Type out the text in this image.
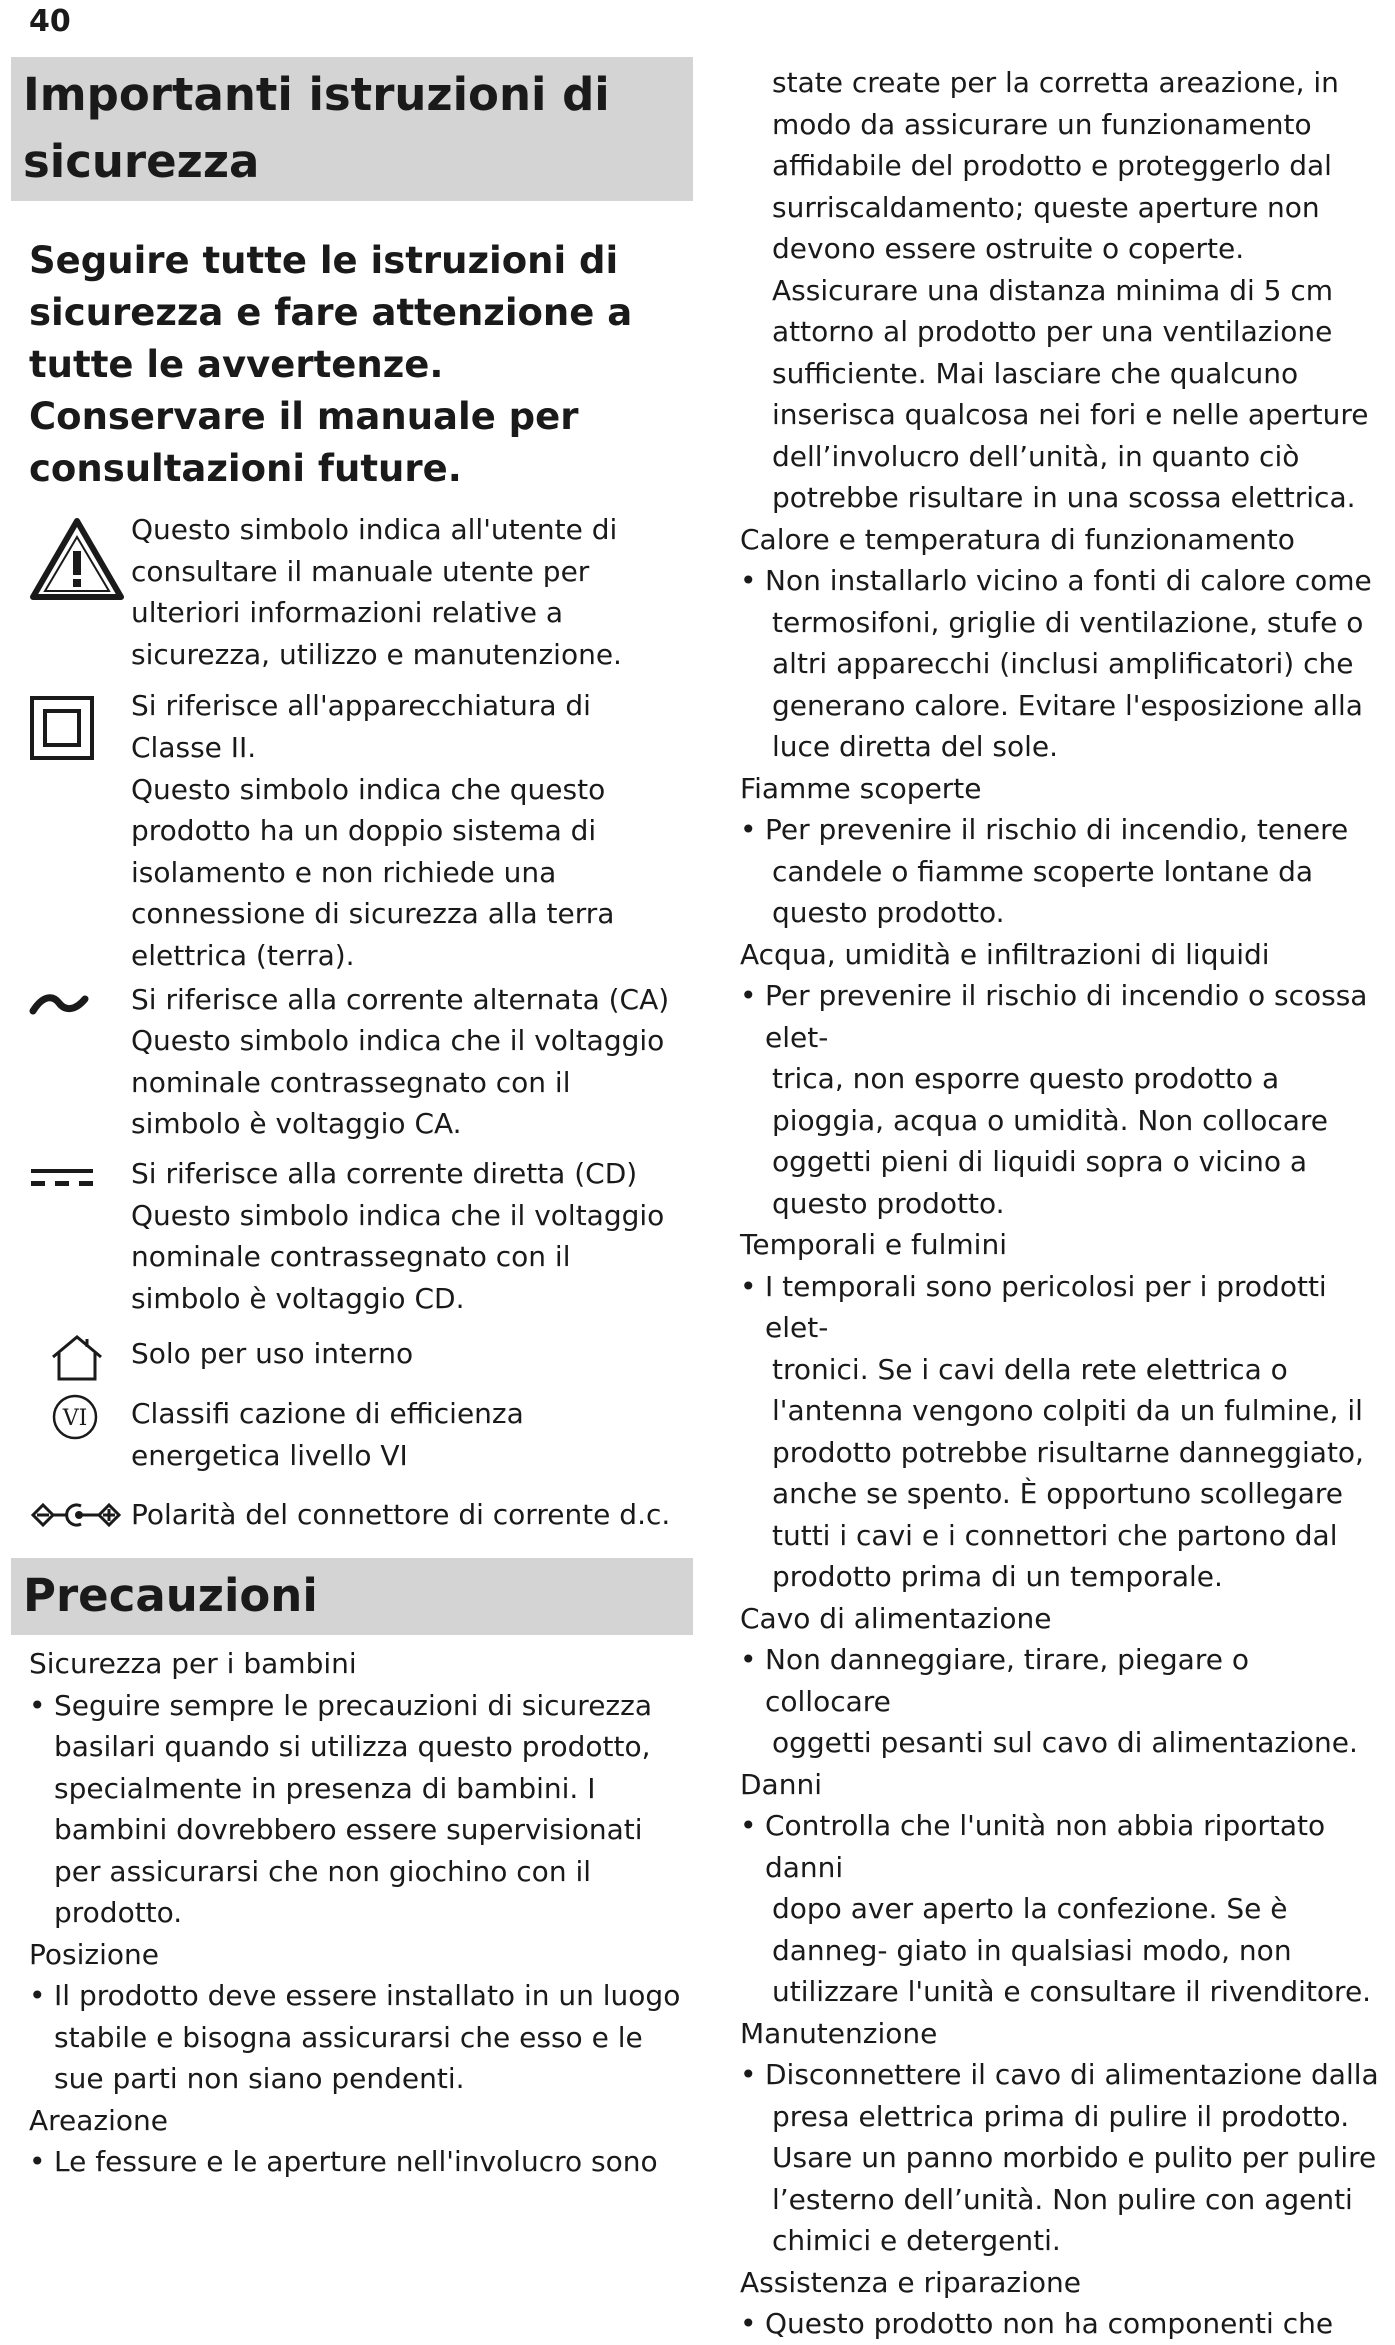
40
Importanti istruzioni di
sicurezza
Seguire tutte le istruzioni di sicurezza e fare attenzione a tutte le avvertenze. Conservare il manuale per consultazioni future.

Questo simbolo indica all'utente di consultare il manuale utente per ulteriori informazioni relative a sicurezza, utilizzo e manutenzione.

Si riferisce all'apparecchiatura di Classe II.

Questo simbolo indica che questo prodotto ha un doppio sistema di isolamento e non richiede una connessione di sicurezza alla terra elettrica (terra).

Si riferisce alla corrente alternata (CA)

Questo simbolo indica che il voltaggio nominale contrassegnato con il simbolo è voltaggio CA.

Si riferisce alla corrente diretta (CD)

Questo simbolo indica che il voltaggio nominale contrassegnato con il simbolo è voltaggio CD.

Solo per uso interno

VI Classifi cazione di efficienza energetica livello VI

Polarità del connettore di corrente d.c.

Precauzioni

Sicurezza per i bambini

• Seguire sempre le precauzioni di sicurezza

basilari quando si utilizza questo prodotto, specialmente in presenza di bambini. I bambini dovrebbero essere supervisionati per assicurarsi che non giochino con il prodotto.

Posizione

• Il prodotto deve essere installato in un luogo

stabile e bisogna assicurarsi che esso e le sue parti non siano pendenti.

Areazione

• Le fessure e le aperture nell'involucro sono

state create per la corretta areazione, in modo da assicurare un funzionamento affidabile del prodotto e proteggerlo dal surriscaldamento; queste aperture non devono essere ostruite o coperte. Assicurare una distanza minima di 5 cm attorno al prodotto per una ventilazione sufficiente. Mai lasciare che qualcuno inserisca qualcosa nei fori e nelle aperture dell’involucro dell’unità, in quanto ciò potrebbe risultare in una scossa elettrica.

Calore e temperatura di funzionamento

• Non installarlo vicino a fonti di calore come

termosifoni, griglie di ventilazione, stufe o altri apparecchi (inclusi amplificatori) che generano calore. Evitare l'esposizione alla luce diretta del sole.

Fiamme scoperte

• Per prevenire il rischio di incendio, tenere

candele o fiamme scoperte lontane da questo prodotto.

Acqua, umidità e infiltrazioni di liquidi

• Per prevenire il rischio di incendio o scossa elet-

trica, non esporre questo prodotto a pioggia, acqua o umidità. Non collocare oggetti pieni di liquidi sopra o vicino a questo prodotto.

Temporali e fulmini

• I temporali sono pericolosi per i prodotti elet-

tronici. Se i cavi della rete elettrica o l'antenna vengono colpiti da un fulmine, il prodotto potrebbe risultarne danneggiato, anche se spento. È opportuno scollegare tutti i cavi e i connettori che partono dal prodotto prima di un temporale.

Cavo di alimentazione

• Non danneggiare, tirare, piegare o collocare

oggetti pesanti sul cavo di alimentazione.

Danni

• Controlla che l'unità non abbia riportato danni

dopo aver aperto la confezione. Se è danneg- giato in qualsiasi modo, non utilizzare l'unità e consultare il rivenditore.

Manutenzione

• Disconnettere il cavo di alimentazione dalla

presa elettrica prima di pulire il prodotto. Usare un panno morbido e pulito per pulire l’esterno dell’unità. Non pulire con agenti chimici e detergenti.

Assistenza e riparazione

• Questo prodotto non ha componenti che
